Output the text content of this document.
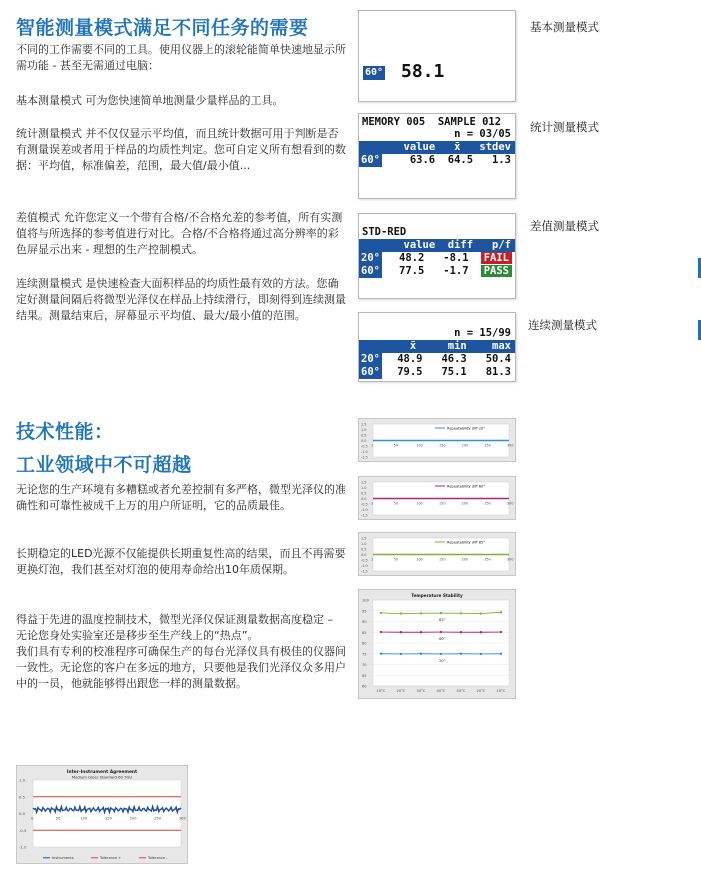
智能测量模式满足不同任务的需要
不同的工作需要不同的工具。使用仪器上的滚轮能简单快速地显示所需功能 - 甚至无需通过电脑：
基本测量模式 可为您快速简单地测量少量样品的工具。
统计测量模式 并不仅仅显示平均值，而且统计数据可用于判断是否有测量误差或者用于样品的均质性判定。您可自定义所有想看到的数据：平均值，标准偏差，范围，最大值/最小值...
差值模式 允许您定义一个带有合格/不合格允差的参考值，所有实测值将与所选择的参考值进行对比。合格/不合格将通过高分辨率的彩色屏显示出来 - 理想的生产控制模式。
连续测量模式 是快速检查大面积样品的均质性最有效的方法。您确定好测量间隔后将微型光泽仪在样品上持续滑行，即刻得到连续测量结果。测量结束后，屏幕显示平均值、最大/最小值的范围。
60° 58.1
基本测量模式
MEMORY 005  SAMPLE 012
n = 03/05
value   x̄   stdev
60°	63.6  64.5   1.3
统计测量模式
STD-RED
value  diff   p/f
20° 48.2   -8.1 FAIL
60° 77.5   -1.7 PASS
差值测量模式
n = 15/99
x̄     min    max
20° 48.9   46.3   50.4
60° 79.5   75.1   81.3
连续测量模式
技术性能：
工业领域中不可超越
无论您的生产环境有多糟糕或者允差控制有多严格，微型光泽仪的准确性和可靠性被成千上万的用户所证明，它的品质最佳。
长期稳定的LED光源不仅能提供长期重复性高的结果，而且不再需要更换灯泡，我们甚至对灯泡的使用寿命给出10年质保期。
得益于先进的温度控制技术，微型光泽仪保证测量数据高度稳定 – 无论您身处实验室还是移步至生产线上的“热点”。
我们具有专利的校准程序可确保生产的每台光泽仪具有极佳的仪器间一致性。无论您的客户在多远的地方，只要他是我们光泽仪众多用户中的一员，他就能够得出跟您一样的测量数据。
1.5
1.0
0.5
0.0
-0.5
-1.0
-1.5
1	50	100	150	200	250	300
Repeatability diff 20°
1.5
1.0
0.5
0.0
-0.5
-1.0
-1.5
1	50	100	150	200	250	300
Repeatability diff 60°
1.5
1.0
0.5
0.0
-0.5
-1.0
-1.5
1	50	100	150	200	250	300
Repeatability diff 85°
Temperature Stability
100
95
90
85
80
75
70
65
60
10°C	20°C	30°C	40°C	50°C	20°C	10°C
85°
60°
20°
Inter-Instrument Agreement
Medium Gloss Standard 60 TGU
1.0
0.5
0.0
-0.5
-1.0
0	50	100	150	200	250	300
Instruments	Tolerance +	Tolerance -
